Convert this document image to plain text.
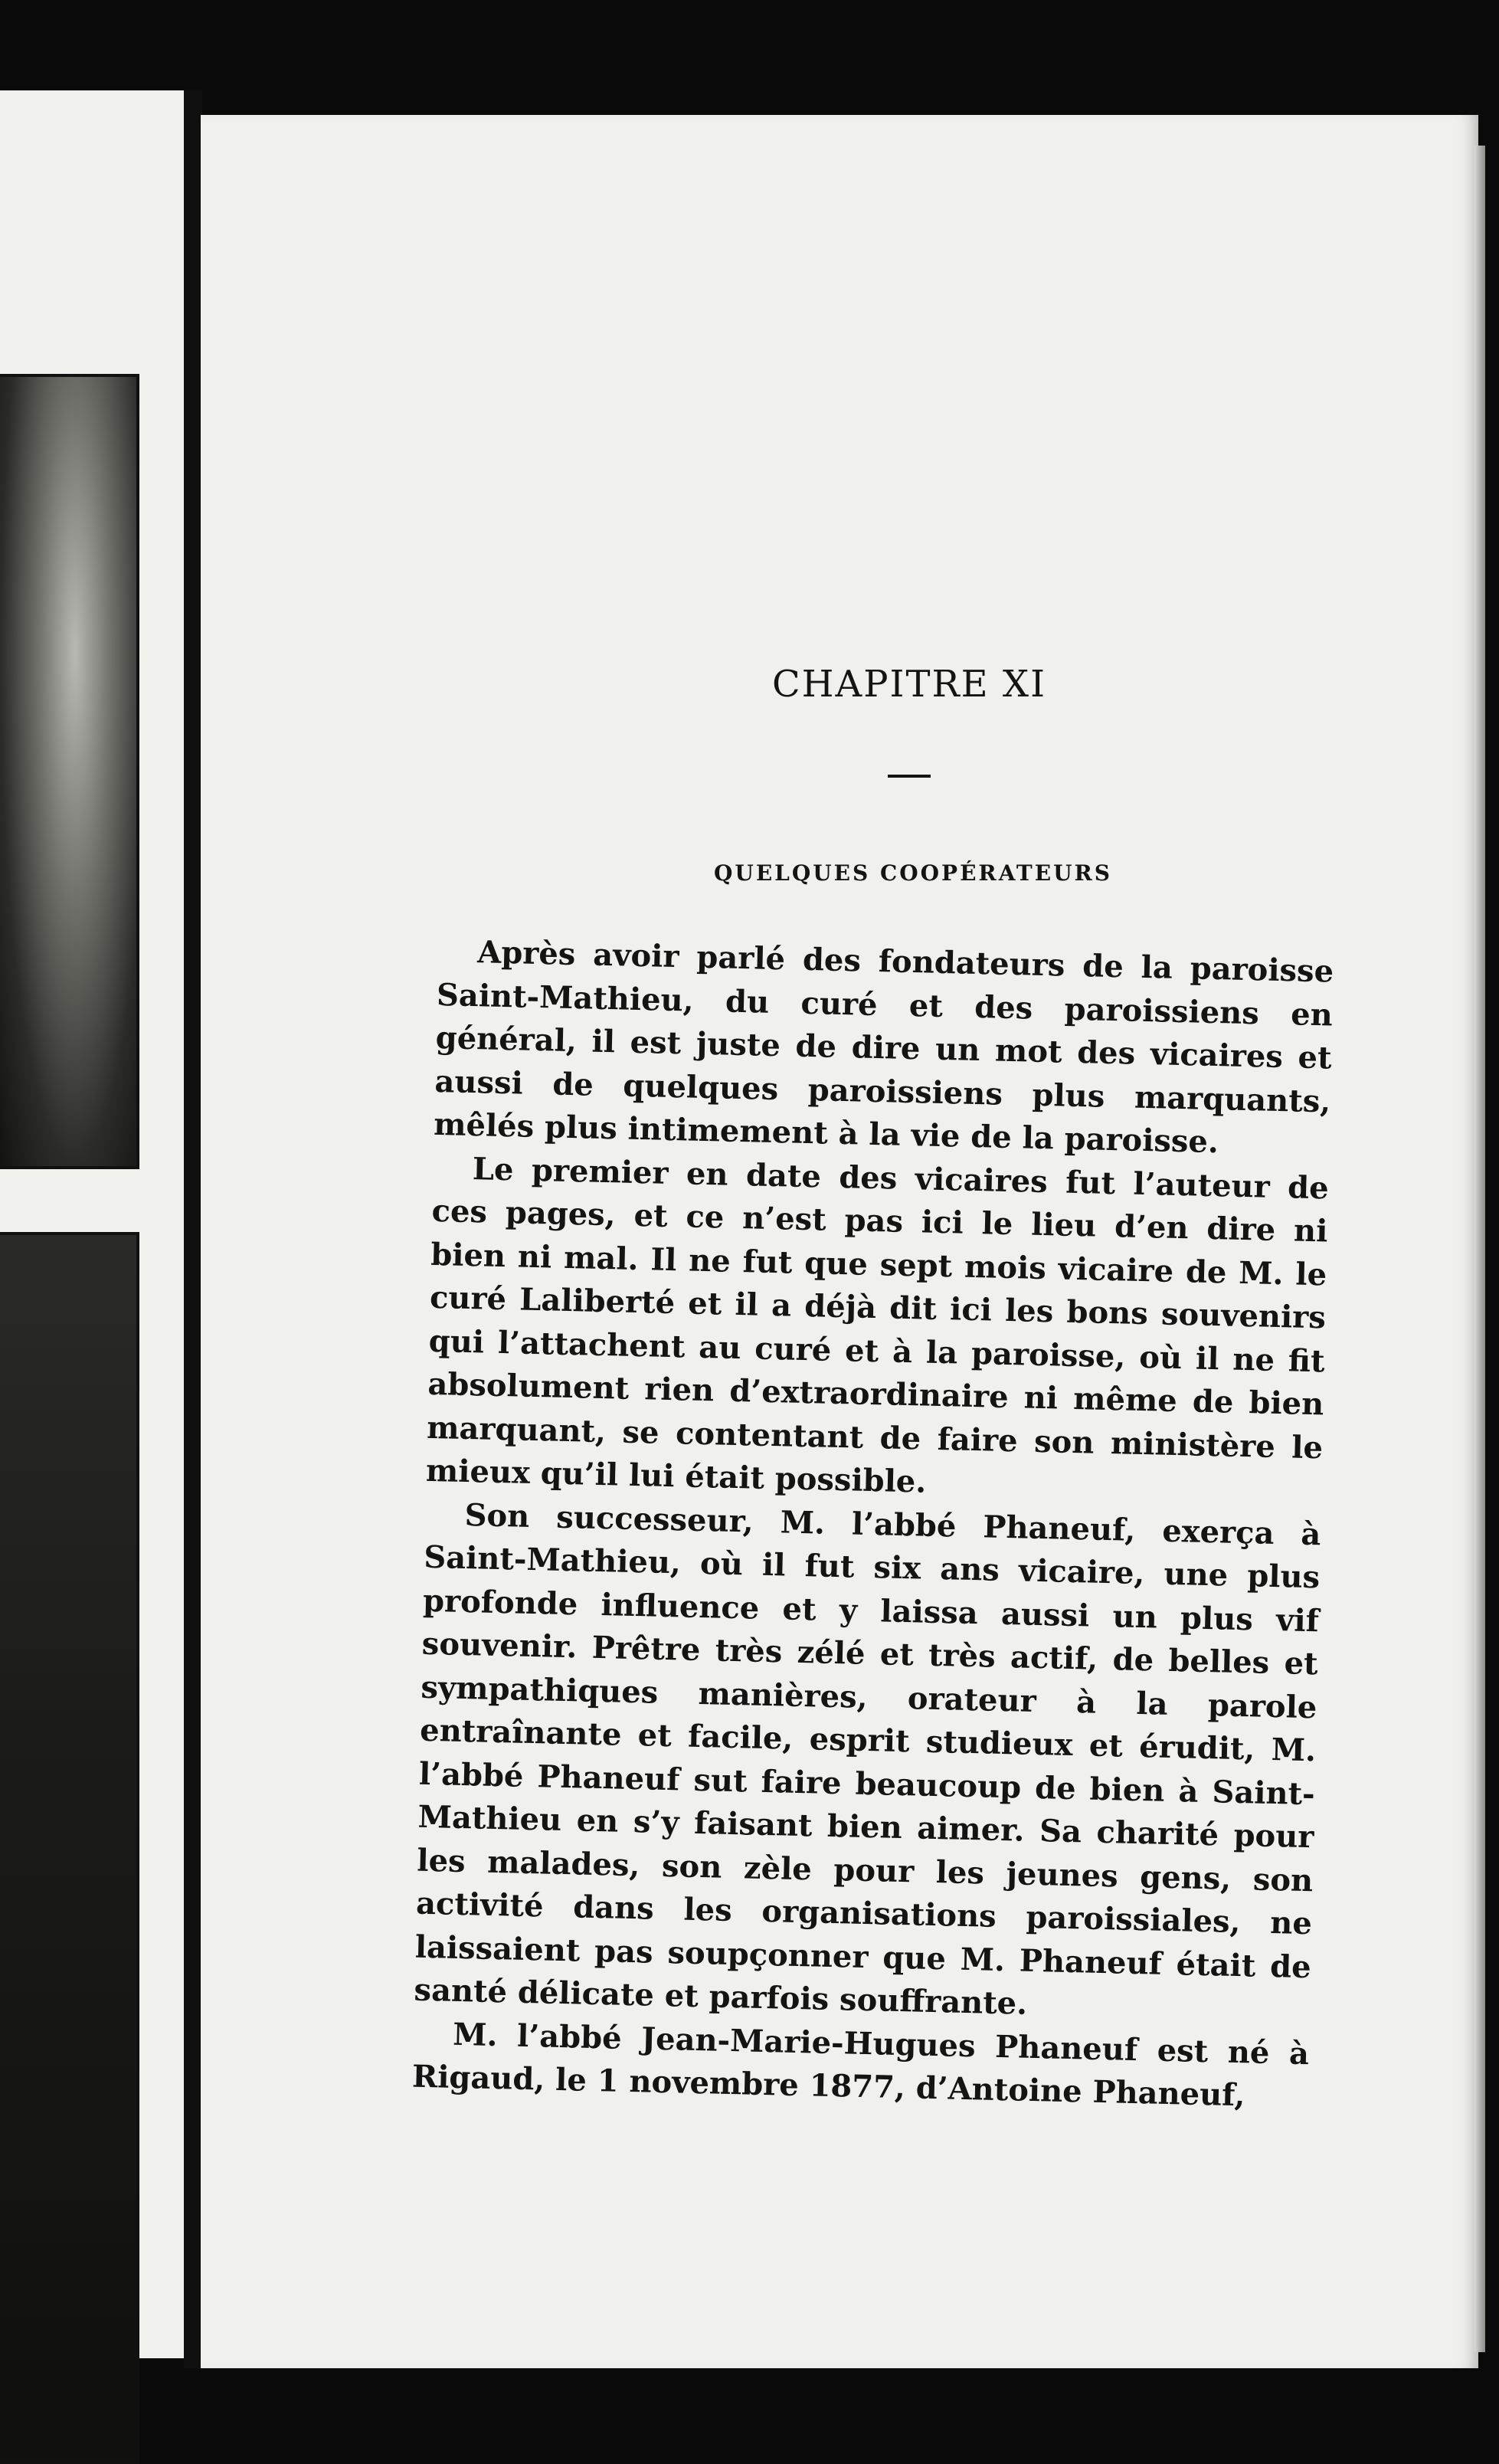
CHAPITRE XI
QUELQUES COOPÉRATEURS

Après avoir parlé des fondateurs de la paroisse Saint-Mathieu, du curé et des paroissiens en général, il est juste de dire un mot des vicaires et aussi de quelques paroissiens plus marquants, mêlés plus intimement à la vie de la paroisse.

Le premier en date des vicaires fut l’auteur de ces pages, et ce n’est pas ici le lieu d’en dire ni bien ni mal. Il ne fut que sept mois vicaire de M. le curé Laliberté et il a déjà dit ici les bons souvenirs qui l’attachent au curé et à la paroisse, où il ne fit absolument rien d’extraordinaire ni même de bien marquant, se contentant de faire son ministère le mieux qu’il lui était possible.

Son successeur, M. l’abbé Phaneuf, exerça à Saint-Mathieu, où il fut six ans vicaire, une plus profonde influence et y laissa aussi un plus vif souvenir. Prêtre très zélé et très actif, de belles et sympathiques manières, orateur à la parole entraînante et facile, esprit studieux et érudit, M. l’abbé Phaneuf sut faire beaucoup de bien à Saint-Mathieu en s’y faisant bien aimer. Sa charité pour les malades, son zèle pour les jeunes gens, son activité dans les organisations paroissiales, ne laissaient pas soupçonner que M. Phaneuf était de santé délicate et parfois souffrante.

M. l’abbé Jean-Marie-Hugues Phaneuf est né à Rigaud, le 1 novembre 1877, d’Antoine Phaneuf,
